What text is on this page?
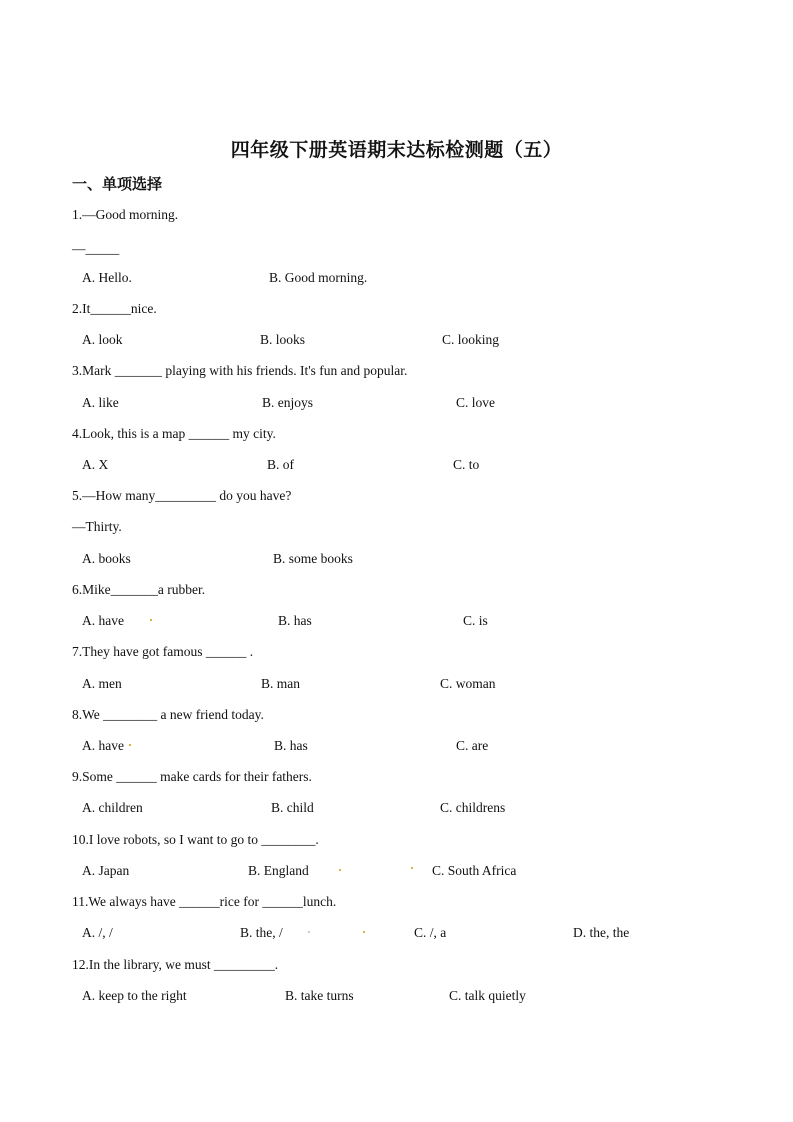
四年级下册英语期末达标检测题（五）
一、单项选择
1.—Good morning.
—_____
A. Hello.	B. Good morning.
2.It______nice.
A. look	B. looks	C. looking
3.Mark _______ playing with his friends. It's fun and popular.
A. like	B. enjoys	C. love
4.Look, this is a map ______ my city.
A. X	B. of	C. to
5.—How many_________ do you have?
—Thirty.
A. books	B. some books
6.Mike_______a rubber.
A. have	B. has	C. is
7.They have got famous ______ .
A. men	B. man	C. woman
8.We ________ a new friend today.
A. have	B. has	C. are
9.Some ______ make cards for their fathers.
A. children	B. child	C. childrens
10.I love robots, so I want to go to ________.
A. Japan	B. England	C. South Africa
11.We always have ______rice for ______lunch.
A. /, /	B. the, /	C. /, a	D. the, the
12.In the library, we must _________.
A. keep to the right	B. take turns	C. talk quietly
